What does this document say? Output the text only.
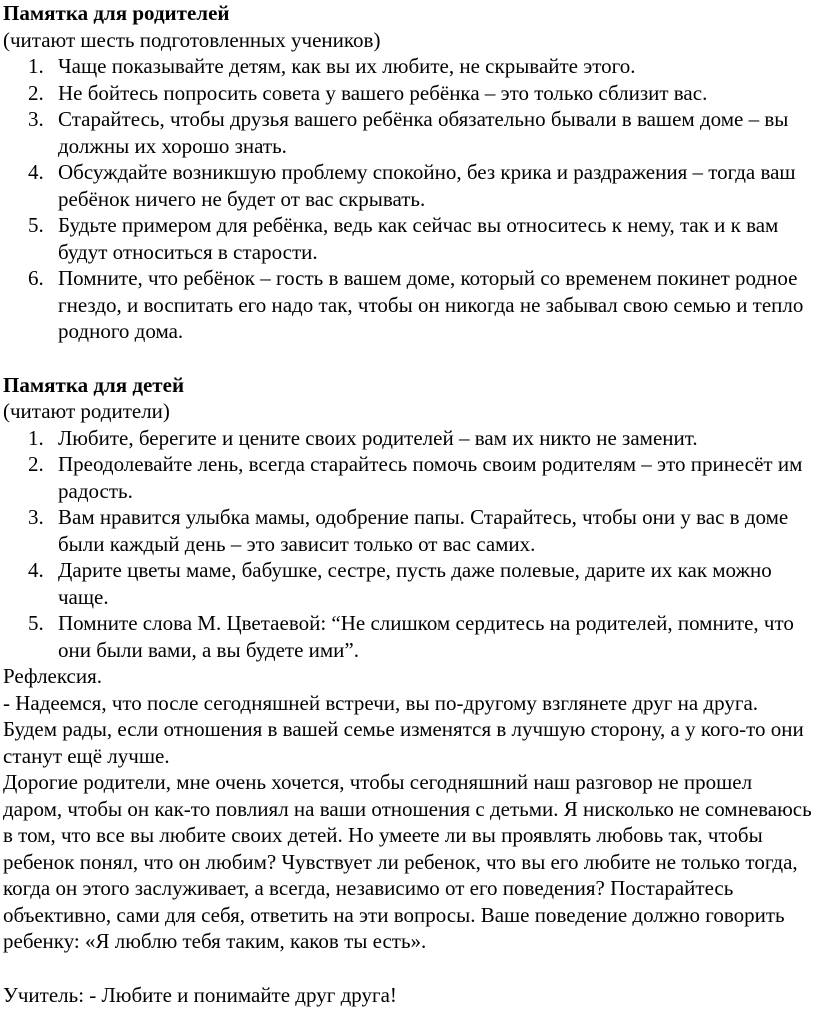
Памятка для родителей

(читают шесть подготовленных учеников)

1. Чаще показывайте детям, как вы их любите, не скрывайте этого.
2. Не бойтесь попросить совета у вашего ребёнка – это только сблизит вас.
3. Старайтесь, чтобы друзья вашего ребёнка обязательно бывали в вашем доме – вы должны их хорошо знать.
4. Обсуждайте возникшую проблему спокойно, без крика и раздражения – тогда ваш ребёнок ничего не будет от вас скрывать.
5. Будьте примером для ребёнка, ведь как сейчас вы относитесь к нему, так и к вам будут относиться в старости.
6. Помните, что ребёнок – гость в вашем доме, который со временем покинет родное гнездо, и воспитать его надо так, чтобы он никогда не забывал свою семью и тепло родного дома.

Памятка для детей

(читают родители)

1. Любите, берегите и цените своих родителей – вам их никто не заменит.
2. Преодолевайте лень, всегда старайтесь помочь своим родителям – это принесёт им радость.
3. Вам нравится улыбка мамы, одобрение папы. Старайтесь, чтобы они у вас в доме были каждый день – это зависит только от вас самих.
4. Дарите цветы маме, бабушке, сестре, пусть даже полевые, дарите их как можно чаще.
5. Помните слова М. Цветаевой: “Не слишком сердитесь на родителей, помните, что они были вами, а вы будете ими”.

Рефлексия.

- Надеемся, что после сегодняшней встречи, вы по-другому взглянете друг на друга. Будем рады, если отношения в вашей семье изменятся в лучшую сторону, а у кого-то они станут ещё лучше.

Дорогие родители, мне очень хочется, чтобы сегодняшний наш разговор не прошел даром, чтобы он как-то повлиял на ваши отношения с детьми. Я нисколько не сомневаюсь в том, что все вы любите своих детей. Но умеете ли вы проявлять любовь так, чтобы ребенок понял, что он любим? Чувствует ли ребенок, что вы его любите не только тогда, когда он этого заслуживает, а всегда, независимо от его поведения? Постарайтесь объективно, сами для себя, ответить на эти вопросы. Ваше поведение должно говорить ребенку: «Я люблю тебя таким, каков ты есть».

Учитель: - Любите и понимайте друг друга!
